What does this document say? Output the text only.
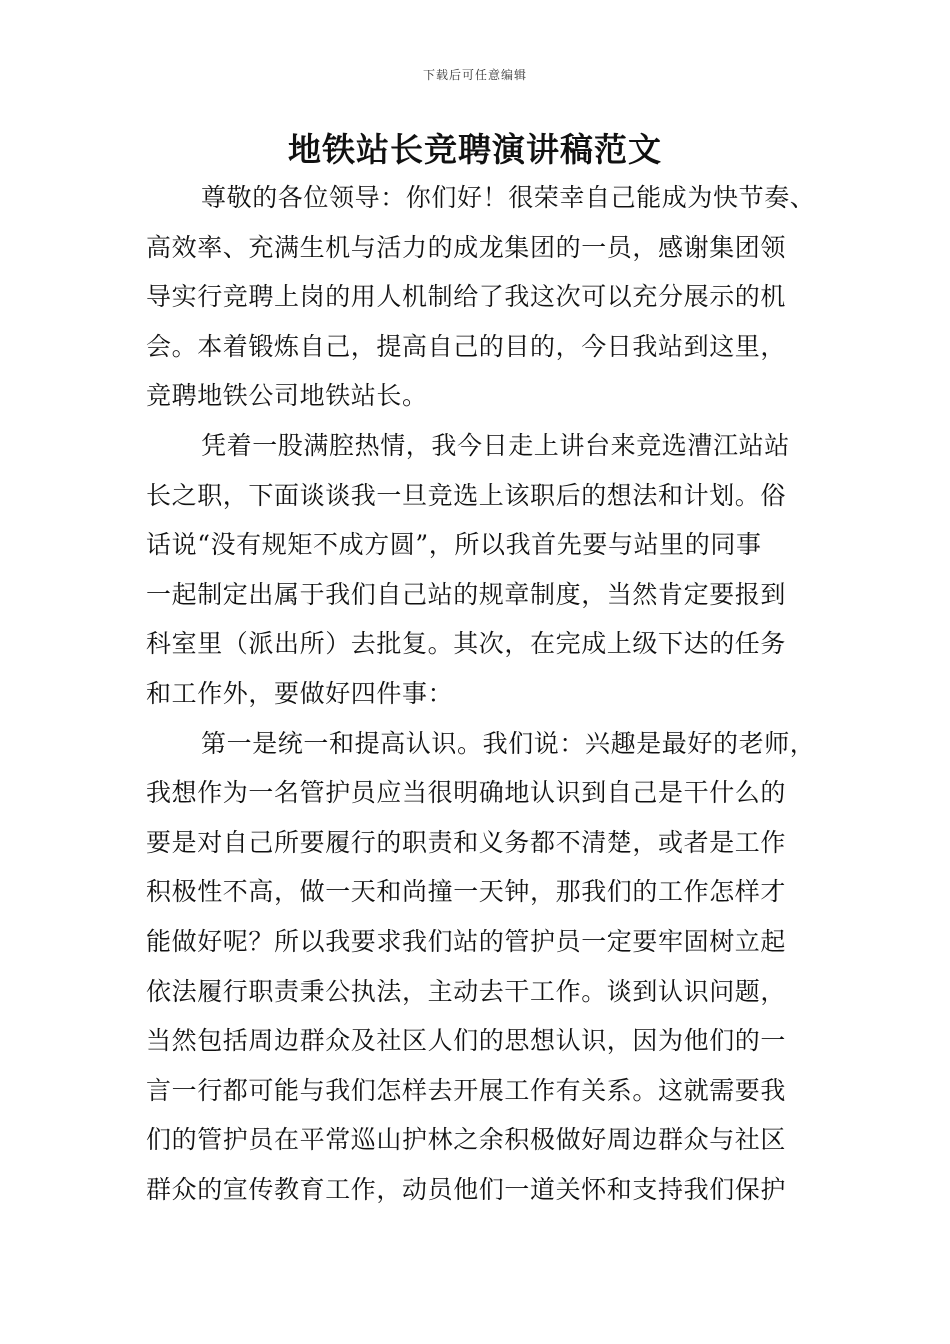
下载后可任意编辑
地铁站长竞聘演讲稿范文
尊敬的各位领导：你们好！很荣幸自己能成为快节奏、
高效率、充满生机与活力的成龙集团的一员，感谢集团领
导实行竞聘上岗的用人机制给了我这次可以充分展示的机
会。本着锻炼自己，提高自己的目的，今日我站到这里，
竞聘地铁公司地铁站长。
凭着一股满腔热情，我今日走上讲台来竞选漕江站站
长之职，下面谈谈我一旦竞选上该职后的想法和计划。俗
话说“没有规矩不成方圆”，所以我首先要与站里的同事
一起制定出属于我们自己站的规章制度，当然肯定要报到
科室里（派出所）去批复。其次，在完成上级下达的任务
和工作外，要做好四件事：
第一是统一和提高认识。我们说：兴趣是最好的老师，
我想作为一名管护员应当很明确地认识到自己是干什么的
要是对自己所要履行的职责和义务都不清楚，或者是工作
积极性不高，做一天和尚撞一天钟，那我们的工作怎样才
能做好呢？所以我要求我们站的管护员一定要牢固树立起
依法履行职责秉公执法，主动去干工作。谈到认识问题，
当然包括周边群众及社区人们的思想认识，因为他们的一
言一行都可能与我们怎样去开展工作有关系。这就需要我
们的管护员在平常巡山护林之余积极做好周边群众与社区
群众的宣传教育工作，动员他们一道关怀和支持我们保护
